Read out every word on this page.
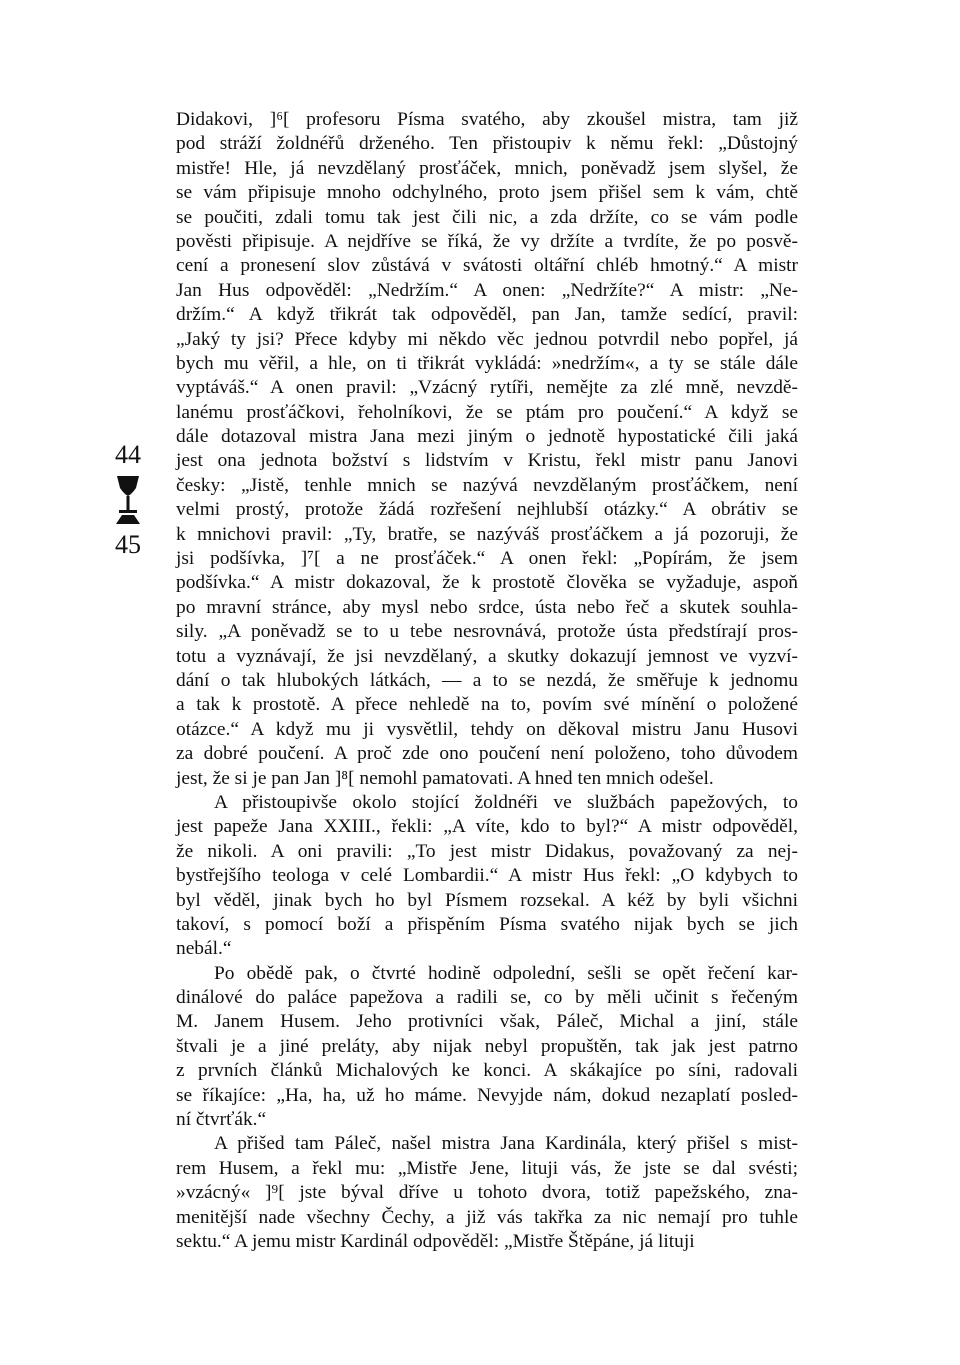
44
45
Didakovi, ]⁶[ profesoru Písma svatého, aby zkoušel mistra, tam již
pod stráží žoldnéřů drženého. Ten přistoupiv k němu řekl: „Důstojný
mistře! Hle, já nevzdělaný prosťáček, mnich, poněvadž jsem slyšel, že
se vám připisuje mnoho odchylného, proto jsem přišel sem k vám, chtě
se poučiti, zdali tomu tak jest čili nic, a zda držíte, co se vám podle
pověsti připisuje. A nejdříve se říká, že vy držíte a tvrdíte, že po posvě-
cení a pronesení slov zůstává v svátosti oltářní chléb hmotný.“ A mistr
Jan Hus odpověděl: „Nedržím.“ A onen: „Nedržíte?“ A mistr: „Ne-
držím.“ A když třikrát tak odpověděl, pan Jan, tamže sedící, pravil:
„Jaký ty jsi? Přece kdyby mi někdo věc jednou potvrdil nebo popřel, já
bych mu věřil, a hle, on ti třikrát vykládá: »nedržím«, a ty se stále dále
vyptáváš.“ A onen pravil: „Vzácný rytíři, nemějte za zlé mně, nevzdě-
lanému prosťáčkovi, řeholníkovi, že se ptám pro poučení.“ A když se
dále dotazoval mistra Jana mezi jiným o jednotě hypostatické čili jaká
jest ona jednota božství s lidstvím v Kristu, řekl mistr panu Janovi
česky: „Jistě, tenhle mnich se nazývá nevzdělaným prosťáčkem, není
velmi prostý, protože žádá rozřešení nejhlubší otázky.“ A obrátiv se
k mnichovi pravil: „Ty, bratře, se nazýváš prosťáčkem a já pozoruji, že
jsi podšívka, ]⁷[ a ne prosťáček.“ A onen řekl: „Popírám, že jsem
podšívka.“ A mistr dokazoval, že k prostotě člověka se vyžaduje, aspoň
po mravní stránce, aby mysl nebo srdce, ústa nebo řeč a skutek souhla-
sily. „A poněvadž se to u tebe nesrovnává, protože ústa předstírají pros-
totu a vyznávají, že jsi nevzdělaný, a skutky dokazují jemnost ve vyzví-
dání o tak hlubokých látkách, — a to se nezdá, že směřuje k jednomu
a tak k prostotě. A přece nehledě na to, povím své mínění o položené
otázce.“ A když mu ji vysvětlil, tehdy on děkoval mistru Janu Husovi
za dobré poučení. A proč zde ono poučení není položeno, toho důvodem
jest, že si je pan Jan ]⁸[ nemohl pamatovati. A hned ten mnich odešel.
A přistoupivše okolo stojící žoldnéři ve službách papežových, to
jest papeže Jana XXIII., řekli: „A víte, kdo to byl?“ A mistr odpověděl,
že nikoli. A oni pravili: „To jest mistr Didakus, považovaný za nej-
bystřejšího teologa v celé Lombardii.“ A mistr Hus řekl: „O kdybych to
byl věděl, jinak bych ho byl Písmem rozsekal. A kéž by byli všichni
takoví, s pomocí boží a přispěním Písma svatého nijak bych se jich
nebál.“
Po obědě pak, o čtvrté hodině odpolední, sešli se opět řečení kar-
dinálové do paláce papežova a radili se, co by měli učinit s řečeným
M. Janem Husem. Jeho protivníci však, Páleč, Michal a jiní, stále
štvali je a jiné preláty, aby nijak nebyl propuštěn, tak jak jest patrno
z prvních článků Michalových ke konci. A skákajíce po síni, radovali
se říkajíce: „Ha, ha, už ho máme. Nevyjde nám, dokud nezaplatí posled-
ní čtvrťák.“
A přišed tam Páleč, našel mistra Jana Kardinála, který přišel s mist-
rem Husem, a řekl mu: „Mistře Jene, lituji vás, že jste se dal svésti;
»vzácný« ]⁹[ jste býval dříve u tohoto dvora, totiž papežského, zna-
menitější nade všechny Čechy, a již vás takřka za nic nemají pro tuhle
sektu.“ A jemu mistr Kardinál odpověděl: „Mistře Štěpáne, já lituji
